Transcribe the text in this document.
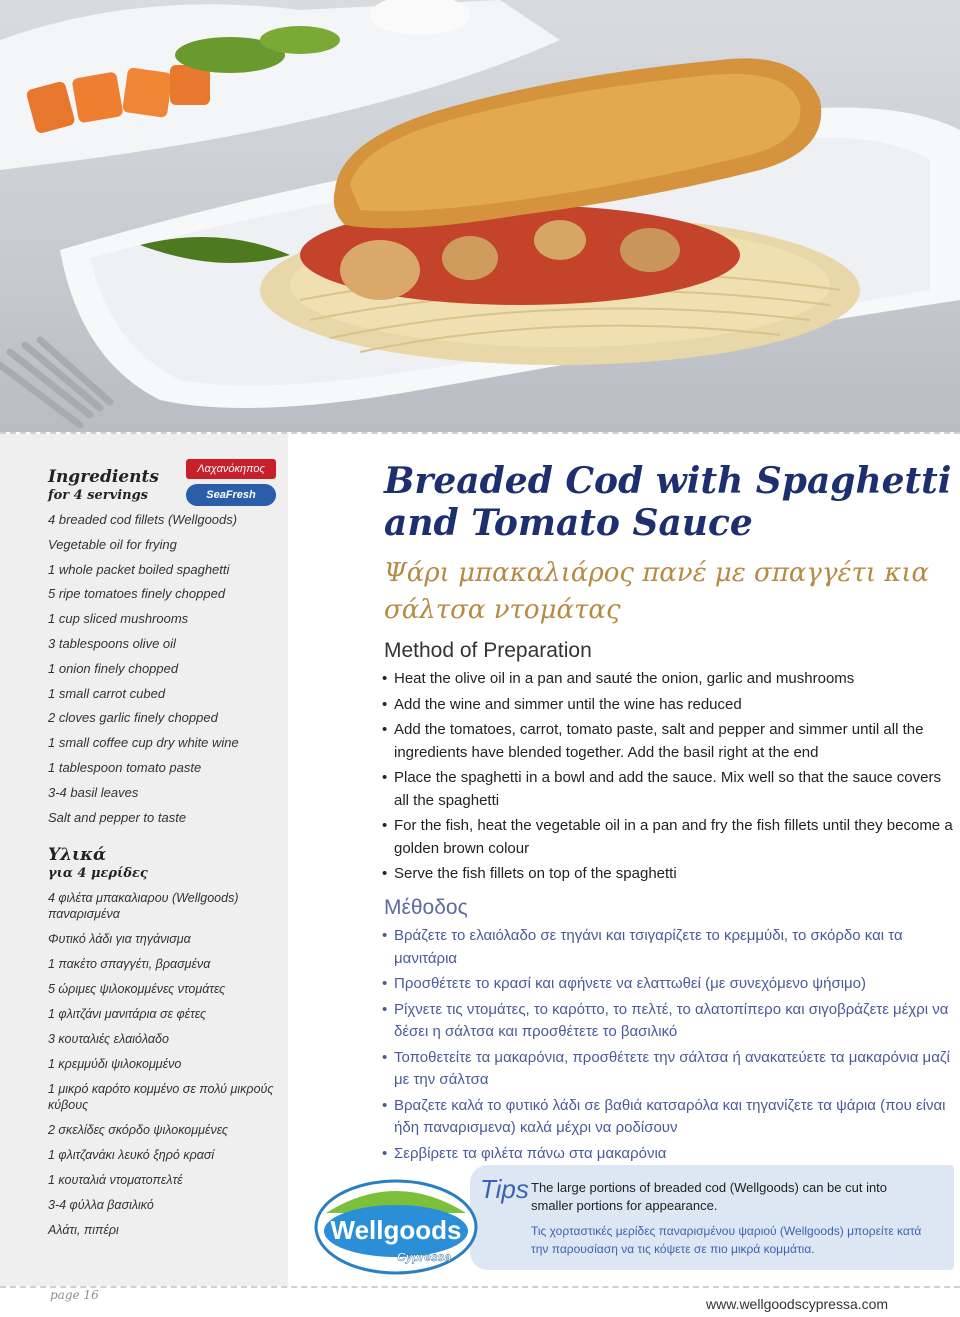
Ingredients
for 4 servings
4 breaded cod fillets (Wellgoods)
Vegetable oil for frying
1 whole packet boiled spaghetti
5 ripe tomatoes finely chopped
1 cup sliced mushrooms
3 tablespoons olive oil
1 onion finely chopped
1 small carrot cubed
2 cloves garlic finely chopped
1 small coffee cup dry white wine
1 tablespoon tomato paste
3-4 basil leaves
Salt and pepper to taste
Υλικά
για 4 μερίδες
4 φιλέτα μπακαλιαρου (Wellgoods) παναρισμένα
Φυτικό λάδι για τηγάνισμα
1 πακέτο σπαγγέτι, βρασμένα
5 ώριμες ψιλοκομμένες ντομάτες
1 φλιτζάνι μανιτάρια σε φέτες
3 κουταλιές ελαιόλαδο
1 κρεμμύδι ψιλοκομμένο
1 μικρό καρότο κομμένο σε πολύ μικρούς κύβους
2 σκελίδες σκόρδο ψιλοκομμένες
1 φλιτζανάκι λευκό ξηρό κρασί
1 κουταλιά ντοματοπελτέ
3-4 φύλλα βασιλικό
Αλάτι, πιπέρι
Λαχανόκηπος
SeaFresh	Breaded Cod with Spaghetti and Tomato Sauce
Ψάρι μπακαλιάρος πανέ με σπαγγέτι κια σάλτσα ντομάτας
Method of Preparation
• Heat the olive oil in a pan and sauté the onion, garlic and mushrooms
• Add the wine and simmer until the wine has reduced
• Add the tomatoes, carrot, tomato paste, salt and pepper and simmer until all the ingredients have blended together. Add the basil right at the end
• Place the spaghetti in a bowl and add the sauce. Mix well so that the sauce covers all the spaghetti
• For the fish, heat the vegetable oil in a pan and fry the fish fillets until they become a golden brown colour
• Serve the fish fillets on top of the spaghetti
Μέθοδος
• Βράζετε το ελαιόλαδο σε τηγάνι και τσιγαρίζετε το κρεμμύδι, το σκόρδο και τα μανιτάρια
• Προσθέτετε το κρασί και αφήνετε να ελαττωθεί (με συνεχόμενο ψήσιμο)
• Ρίχνετε τις ντομάτες, το καρόττο, το πελτέ, το αλατοπίπερο και σιγοβράζετε μέχρι να δέσει η σάλτσα και προσθέτετε το βασιλικό
• Τοποθετείτε τα μακαρόνια, προσθέτετε την σάλτσα ή ανακατεύετε τα μακαρόνια μαζί με την σάλτσα
• Βραζετε καλά το φυτικό λάδι σε βαθιά κατσαρόλα και τηγανίζετε τα ψάρια (που είναι ήδη παναρισμενα) καλά μέχρι να ροδίσουν
• Σερβίρετε τα φιλέτα πάνω στα μακαρόνια
Tips The large portions of breaded cod (Wellgoods) can be cut into smaller portions for appearance.
Τις χορταστικές μερίδες παναρισμένου ψαριού (Wellgoods) μπορείτε κατά την παρουσίαση να τις κόψετε σε πιο μικρά κομμάτια.
Wellgoods
Cypressa
page 16
www.wellgoodscypressa.com
